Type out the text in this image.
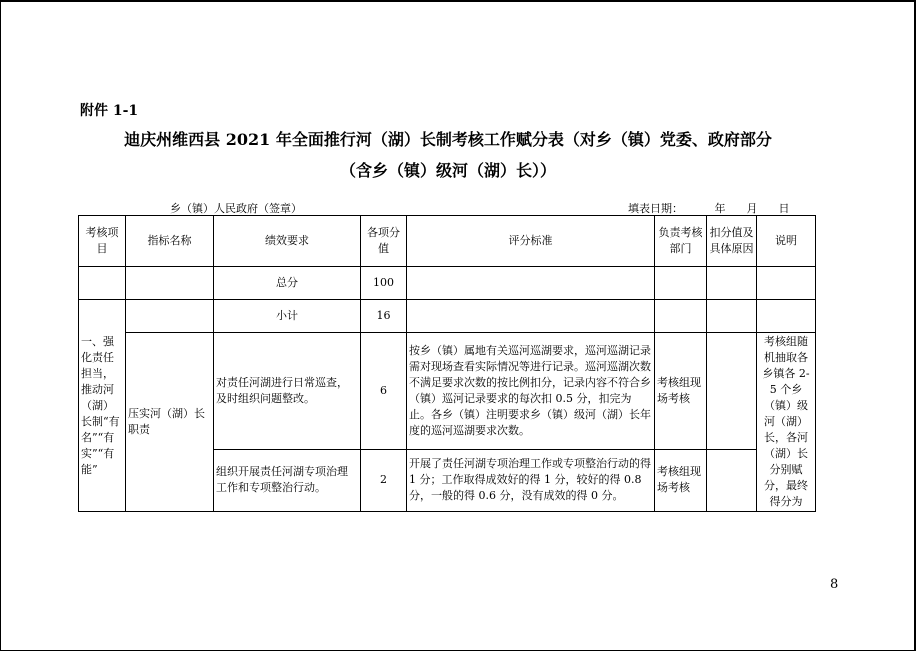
附件 1-1
迪庆州维西县 2021 年全面推行河（湖）长制考核工作赋分表（对乡（镇）党委、政府部分
（含乡（镇）级河（湖）长））
乡（镇）人民政府（签章）	填表日期：	年 月 日
考核项目	指标名称	绩效要求	各项分值	评分标准	负责考核部门	扣分值及具体原因	说明
		总分	100				
一、强化责任担当，推动河（湖）长制“有名”“有实”“有能”		小计	16				
	压实河（湖）长职责	对责任河湖进行日常巡查，及时组织问题整改。	6	按乡（镇）属地有关巡河巡湖要求，巡河巡湖记录需对现场查看实际情况等进行记录。巡河巡湖次数不满足要求次数的按比例扣分，记录内容不符合乡（镇）巡河记录要求的每次扣 0.5 分，扣完为止。各乡（镇）注明要求乡（镇）级河（湖）长年度的巡河巡湖要求次数。	考核组现场考核		考核组随机抽取各乡镇各 2-5 个乡（镇）级河（湖）长，各河（湖）长分别赋分，最终得分为
		组织开展责任河湖专项治理工作和专项整治行动。	2	开展了责任河湖专项治理工作或专项整治行动的得 1 分；工作取得成效好的得 1 分，较好的得 0.8 分，一般的得 0.6 分，没有成效的得 0 分。	考核组现场考核		
8
